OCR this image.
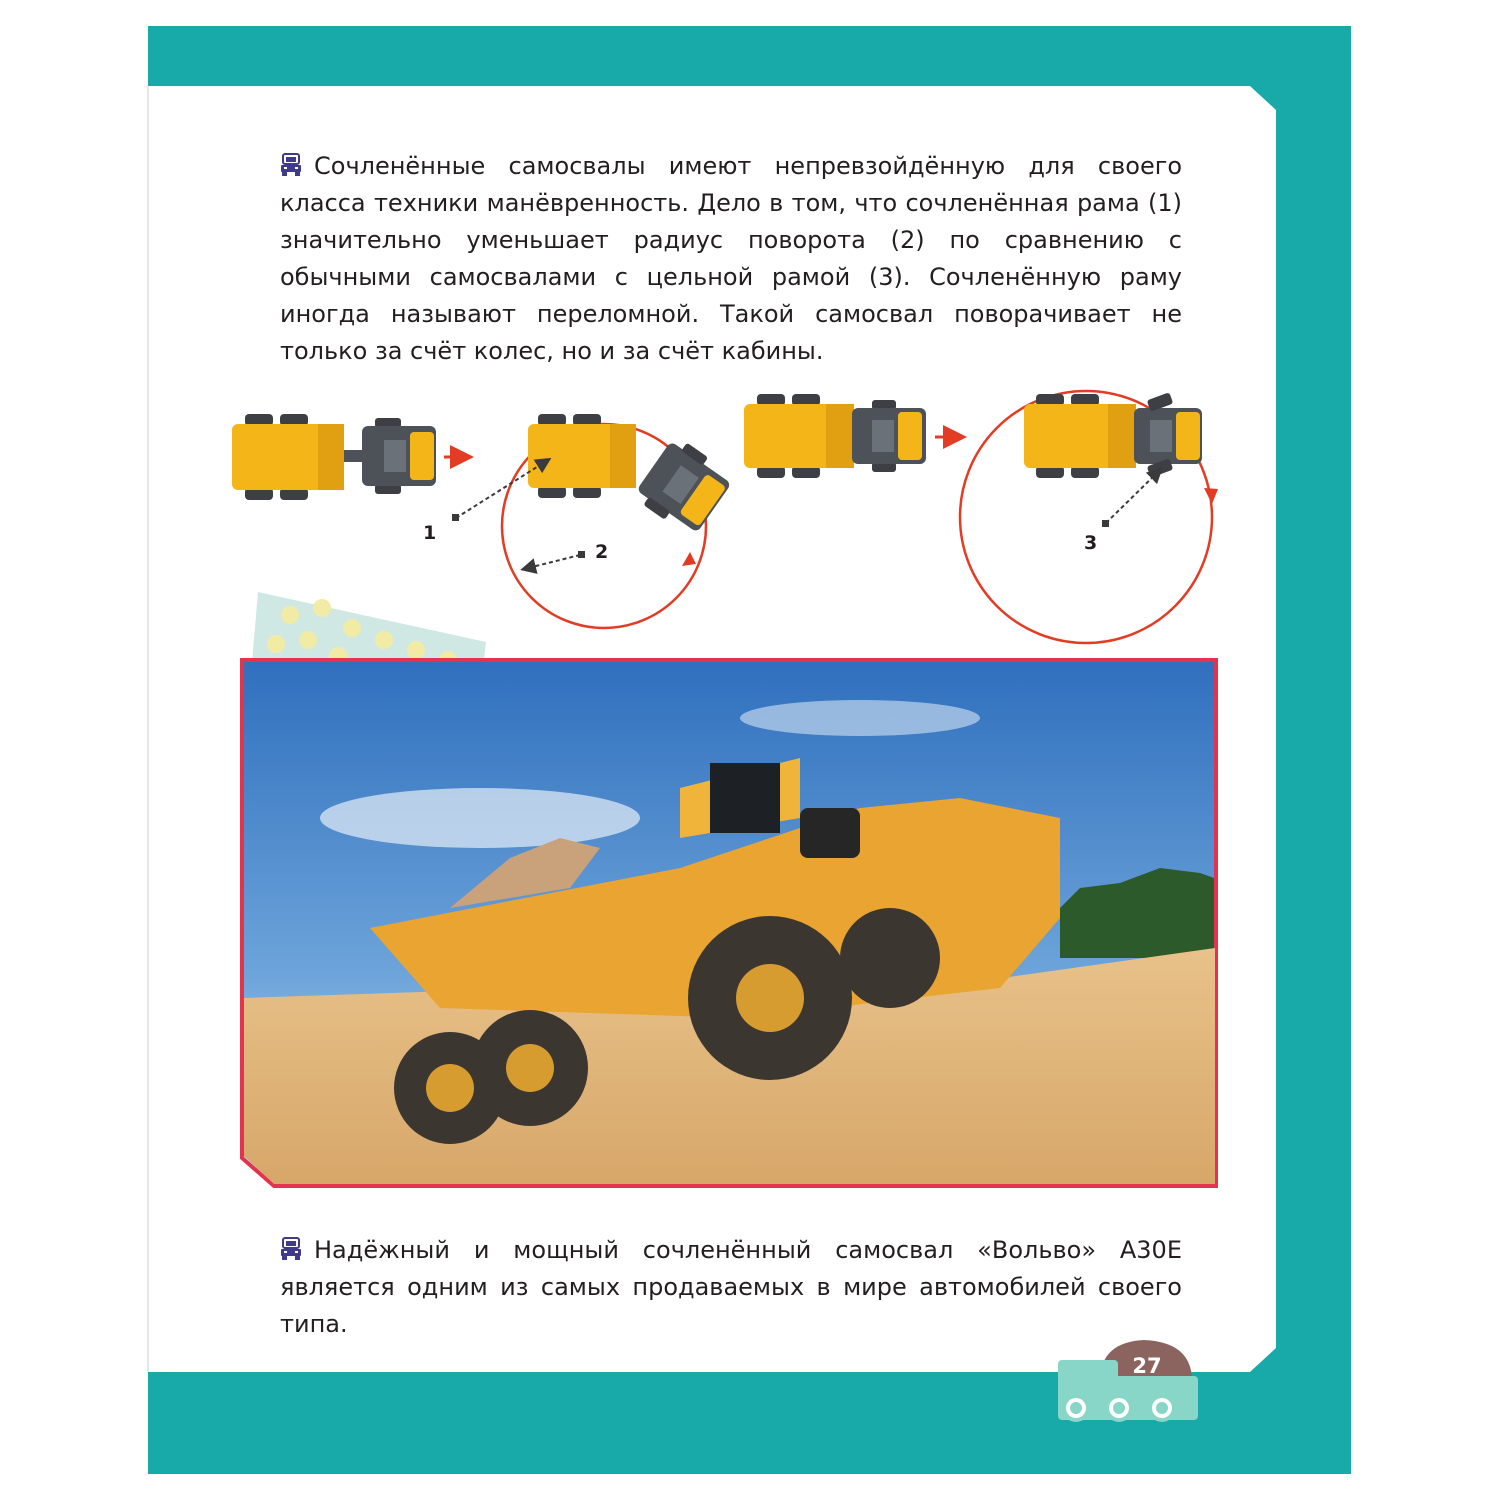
Сочленённые самосвалы имеют непревзойдённую для своего класса техники манёвренность. Дело в том, что сочленённая рама (1) значительно уменьшает радиус поворота (2) по сравнению с обычными самосвалами с цельной рамой (3). Сочленённую раму иногда называют переломной. Такой самосвал поворачивает не только за счёт колес, но и за счёт кабины.

1
2	3

Надёжный и мощный сочленённый самосвал «Вольво» A30E является одним из самых продаваемых в мире автомобилей своего типа.

27
